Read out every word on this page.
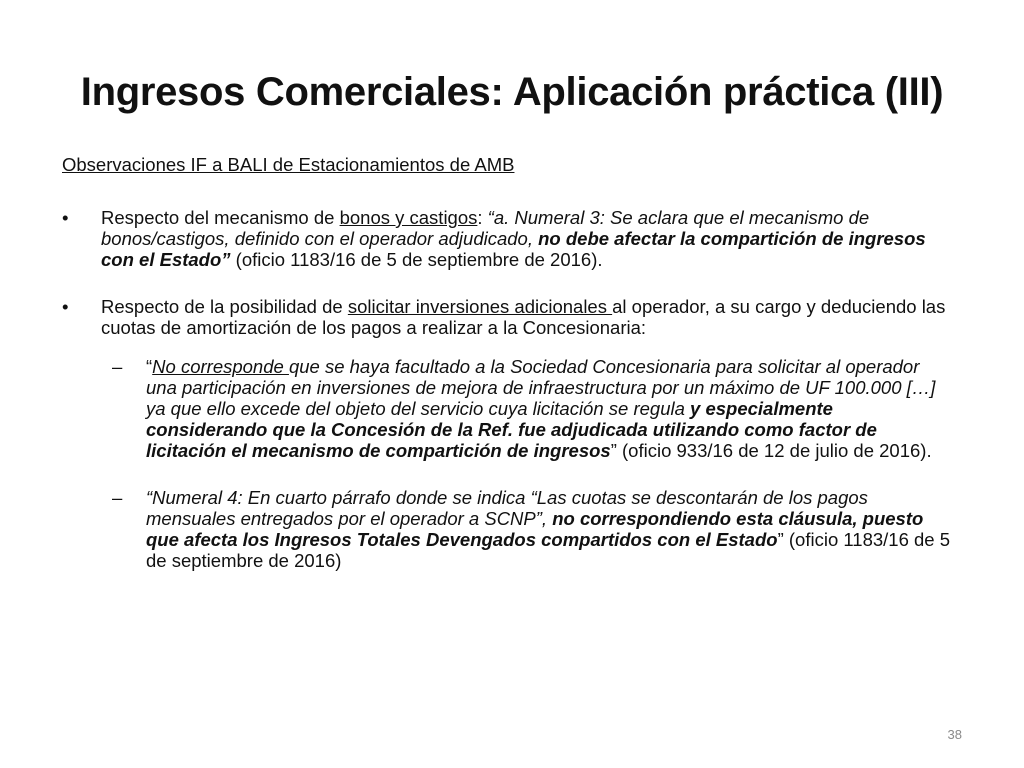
Ingresos Comerciales: Aplicación práctica (III)
Observaciones IF a BALI de Estacionamientos de AMB
•	Respecto del mecanismo de bonos y castigos: “a. Numeral 3: Se aclara que el mecanismo de bonos/castigos, definido con el operador adjudicado, no debe afectar la compartición de ingresos con el Estado” (oficio 1183/16 de 5 de septiembre de 2016).
•	Respecto de la posibilidad de solicitar inversiones adicionales al operador, a su cargo y deduciendo las cuotas de amortización de los pagos a realizar a la Concesionaria:
– “No corresponde que se haya facultado a la Sociedad Concesionaria para solicitar al operador una participación en inversiones de mejora de infraestructura por un máximo de UF 100.000 […] ya que ello excede del objeto del servicio cuya licitación se regula y especialmente considerando que la Concesión de la Ref. fue adjudicada utilizando como factor de licitación el mecanismo de compartición de ingresos” (oficio 933/16 de 12 de julio de 2016).
– “Numeral 4: En cuarto párrafo donde se indica “Las cuotas se descontarán de los pagos mensuales entregados por el operador a SCNP”, no correspondiendo esta cláusula, puesto que afecta los Ingresos Totales Devengados compartidos con el Estado” (oficio 1183/16 de 5 de septiembre de 2016)
38
